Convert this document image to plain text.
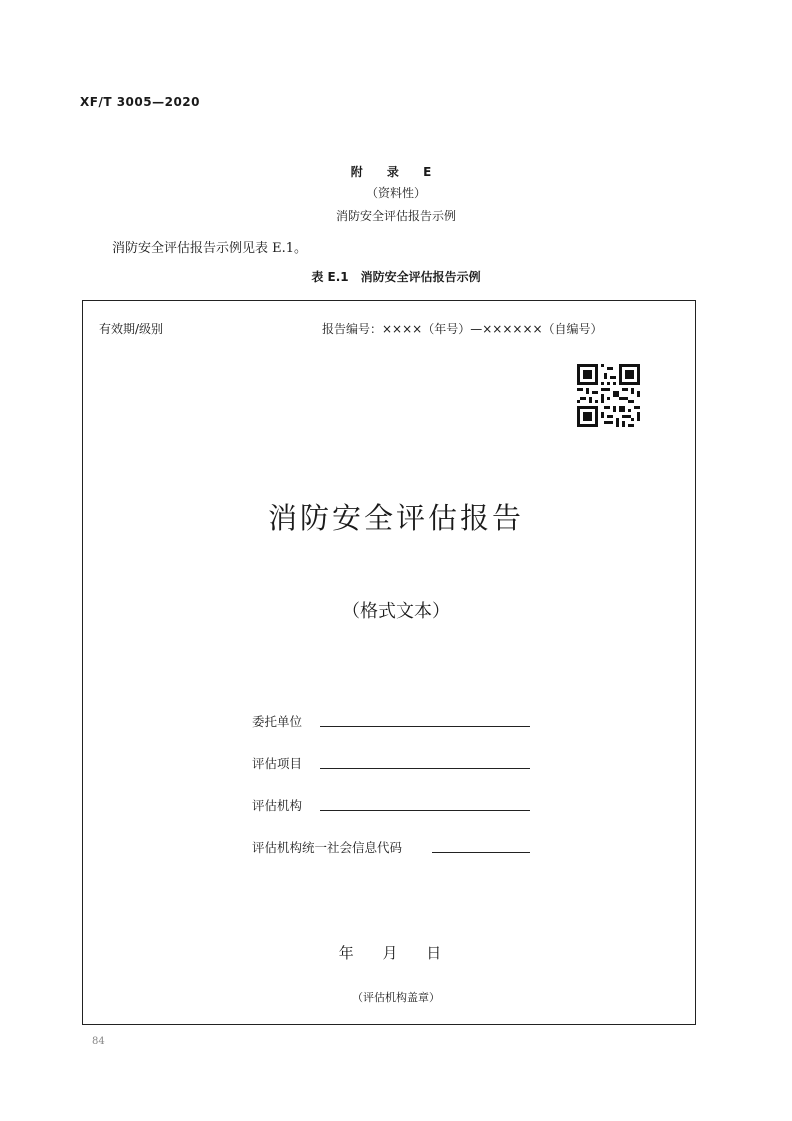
XF/T 3005—2020
附 录 E
（资料性）
消防安全评估报告示例
消防安全评估报告示例见表 E.1。
表 E.1　消防安全评估报告示例
有效期/级别	报告编号：××××（年号）—××××××（自编号）
消防安全评估报告
（格式文本）
委托单位
评估项目
评估机构
评估机构统一社会信息代码
年 月 日
（评估机构盖章）
84
